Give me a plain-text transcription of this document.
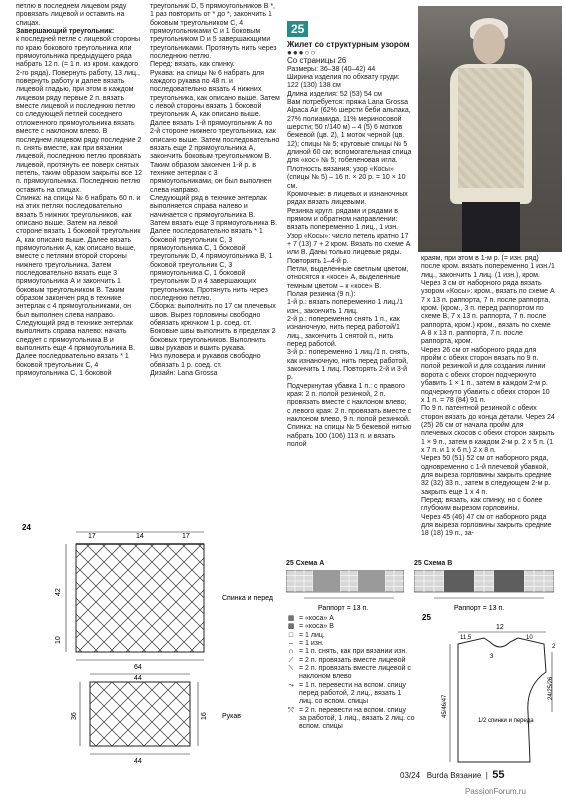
петлю в последнем лицевом ряду провязать лицевой и оставить на спицах.

Завершающий треугольник:

к последней петле с лицевой стороны по краю бокового треугольника или прямоугольника предыдущего ряда набрать 12 п. (= 1 п. из кром. каждого 2-го ряда). Повернуть работу, 13 лиц., повернуть работу и далее вязать лицевой гладью, при этом в каждом лицевом ряду первые 2 п. вязать вместе лицевой и последнюю петлю со следующей петлей соседнего отложенного прямоугольника вязать вместе с наклоном влево. В последнем лицевом ряду последние 2 п. снять вместе, как при вязании лицевой, последнюю петлю провязать лицевой, протянуть ее поверх снятых петель, таким образом закрыты все 12 п. прямоугольника. Последнюю петлю оставить на спицах.

Спинка: на спицы № 6 набрать 60 п. и на этих петлях последовательно вязать 5 нижних треугольников, как описано выше. Затем на левой стороне вязать 1 боковой треугольник А, как описано выше. Далее вязать прямоугольник А, как описано выше, вместе с петлями второй стороны нижнего треугольника. Затем последовательно вязать еще 3 прямоугольника А и закончить 1 боковым треугольником В. Таким образом закончен ряд в технике энтерлак с 4 прямоугольниками, он был выполнен слева направо.

Следующий ряд в технике энтерлак выполнить справа налево: начать следует с прямоугольника В и выполнить еще 4 прямоугольника В.

Далее последовательно вязать * 1 боковой треугольник С, 4 прямоугольника С, 1 боковой

треугольник D, 5 прямоугольников В *, 1 раз повторить от * до *, закончить 1 боковым треугольником С, 4 прямоугольниками С и 1 боковым треугольником D и 5 завершающими треугольниками. Протянуть нить через последнюю петлю.

Перед: вязать, как спинку.

Рукава: на спицы № 6 набрать для каждого рукава по 48 п. и последовательно вязать 4 нижних треугольника, как описано выше. Затем с левой стороны вязать 1 боковой треугольник А, как описано выше.

Далее вязать 1-й прямоугольник А по 2-й стороне нижнего треугольника, как описано выше. Затем последовательно вязать еще 2 прямоугольника А, закончить боковым треугольником В. Таким образом закончен 1-й р. в технике энтерлак с 3 прямоугольниками, он был выполнен слева направо.

Следующий ряд в технике энтерлак выполняется справа налево и начинается с прямоугольника В.

Затем вязать еще 3 прямоугольника В.

Далее последовательно вязать * 1 боковой треугольник С, 3 прямоугольника С, 1 боковой треугольник D, 4 прямоугольника В, 1 боковой треугольник С, 3 прямоугольника С, 1 боковой треугольник D и 4 завершающих треугольника. Протянуть нить через последнюю петлю.

Сборка: выполнить по 17 см плечевых швов. Вырез горловины свободно обвязать крючком 1 р. соед. ст.

Боковые швы выполнить в пределах 2 боковых треугольников. Выполнить швы рукавов и вшить рукава.

Низ пуловера и рукавов свободно обвязать 1 р. соед. ст.

Дизайн: Lana Grossa

25

Жилет со структурным узором

●●●○○

Со страницы 26

Размеры: 36–38 (40–42) 44

Ширина изделия по обхвату груди: 122 (130) 138 см

Длина изделия: 52 (53) 54 см

Вам потребуется: пряжа Lana Grossa Alpaca Air (62% шерсти беби альпака, 27% полиамида, 11% мериносовой шерсти; 50 г/140 м) – 4 (5) 6 мотков бежевой (цв. 2), 1 моток черной (цв. 12); спицы № 5; круговые спицы № 5 длиной 60 см; вспомогательная спица для «кос» № 5; гобеленовая игла.

Плотность вязания: узор «Косы» (спицы № 5) – 16 п. × 20 р. = 10 × 10 см.

Кромочные: в лицевых и изнаночных рядах вязать лицевыми.

Резинка кругл. рядами и рядами в прямом и обратном направлении: вязать попеременно 1 лиц., 1 изн.

Узор «Косы»: число петель кратно 17 + 7 (13) 7 + 2 кром. Вязать по схеме А или В. Даны только лицевые ряды. Повторять 1–4-й р.

Петли, выделенные светлым цветом, относятся к «косе» А, выделенные темным цветом – к «косе» В.

Полая резинка (9 п.):

1-й р.: вязать попеременно 1 лиц./1 изн., закончить 1 лиц.

2-й р.: попеременно снять 1 п., как изнаночную, нить перед работой/1 лиц., закончить 1 снятой п., нить перед работой.

3-й р.: попеременно 1 лиц./1 п. снять, как изнаночную, нить перед работой, закончить 1 лиц. Повторять 2-й и 3-й р.

Подчеркнутая убавка 1 п.: с правого края: 2 п. полой резинкой, 2 п. провязать вместе с наклоном влево;

с левого края: 2 п. провязать вместе с наклоном влево, 9 п. полой резинкой.

Спинка: на спицы № 5 бежевой нитью набрать 100 (106) 113 п. и вязать полой

краям, при этом в 1-м р. (= изн. ряд) после кром. вязать попеременно 1 изн./1 лиц., закончить 1 лиц. (1 изн.), кром.

Через 3 см от наборного ряда вязать узором «Косы»: кром., вязать по схеме А 7 х 13 п. раппорта, 7 п. после раппорта, кром. (кром., 3 п. перед раппортом по схеме В, 7 х 13 п. раппорта, 7 п. после раппорта, кром.) кром., вязать по схеме А 8 х 13 п. раппорта, 7 п. после раппорта, кром.

Через 26 см от наборного ряда для пройм с обеих сторон вязать по 9 п. полой резинкой и для создания линии ворота с обеих сторон подчеркнуто убавить 1 × 1 п., затем в каждом 2-м р. подчеркнуто убавить с обеих сторон 10 х 1 п. = 78 (84) 91 п.

По 9 п. патентной резинкой с обеих сторон вязать до конца детали. Через 24 (25) 26 см от начала пройм для плечевых скосов с обеих сторон закрыть 1 × 9 п., затем в каждом 2-м р. 2 х 5 п. (1 х 7 п. и 1 х 6 п.) 2 х 8 п.

Через 50 (51) 52 см от наборного ряда, одновременно с 1-й плечевой убавкой, для выреза горловины закрыть средние 32 (32) 33 п., затем в следующем 2-м р. закрыть еще 1 х 4 п.

Перед: вязать, как спинку, но с более глубоким вырезом горловины.

Через 45 (46) 47 см от наборного ряда для выреза горловины закрыть средние 18 (18) 19 п., за-

24
17	14	17
64
42
10
Спинка и перед
44
44
36	16 Рукав
25 Схема А
Раппорт = 13 п.
25 Схема В
Раппорт = 13 п.
▦ = «коса» А
▩ = «коса» В
□ = 1 лиц.
– = 1 изн.
∩ = 1 п. снять, как при вязании изн.
⟋ = 2 п. провязать вместе лицевой
⟍ = 2 п. провязать вместе лицевой с наклоном влево
⤳ = 1 п. перевести на вспом. спицу перед работой, 2 лиц., вязать 1 лиц. со вспом. спицы
⤲ = 2 п. перевести на вспом. спицу за работой, 1 лиц., вязать 2 лиц. со вспом. спицы
25
12
11,5	10
3
2
45/46/47
24/25/26
1/2 спинки и переда
03/24 Burda Вязание  |  55
PassionForum.ru
